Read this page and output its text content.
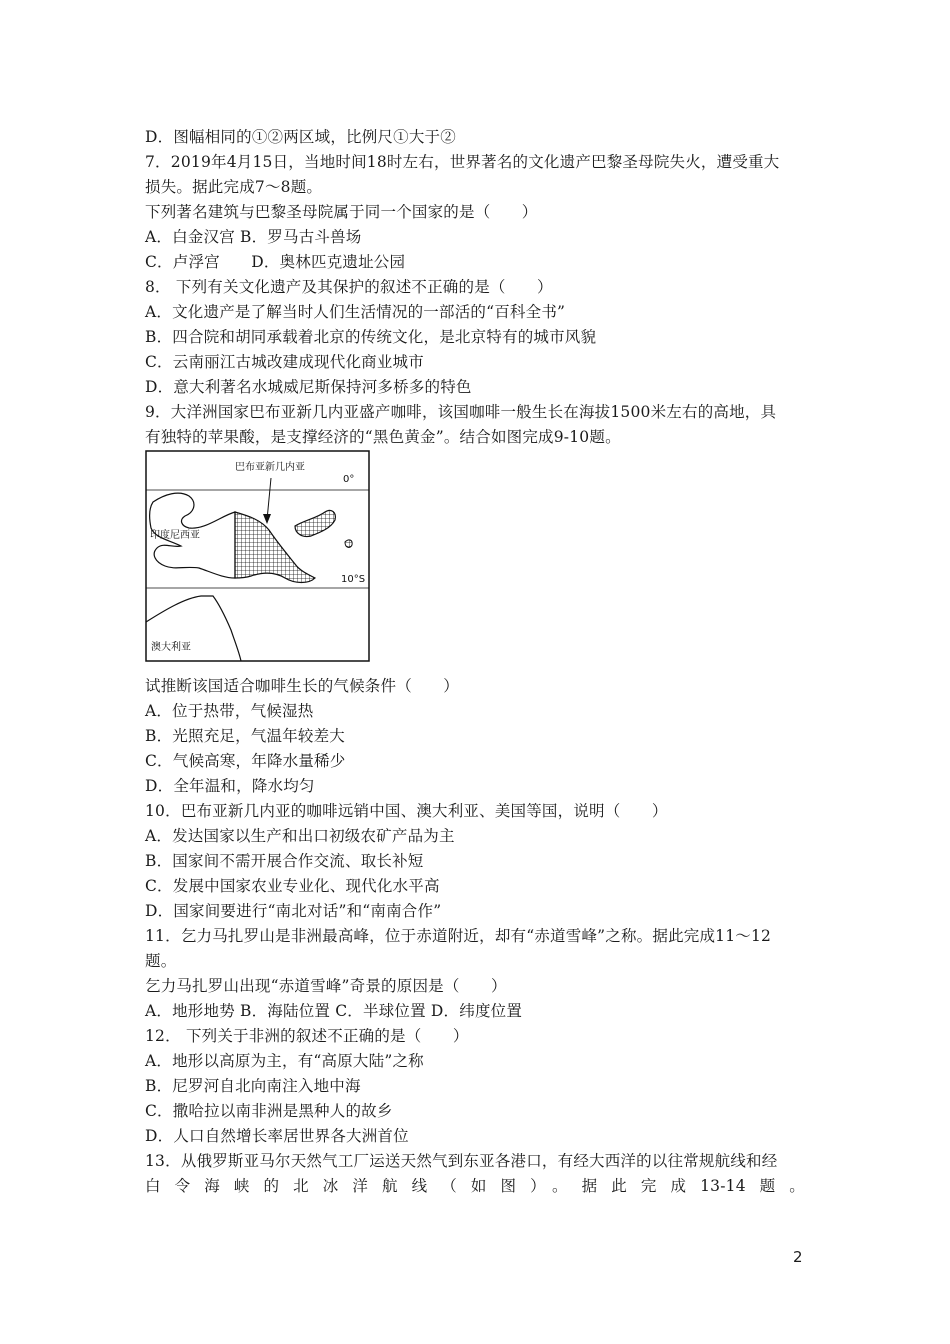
D．图幅相同的①②两区域，比例尺①大于②
7．2019年4月15日，当地时间18时左右，世界著名的文化遗产巴黎圣母院失火，遭受重大
损失。据此完成7～8题。
下列著名建筑与巴黎圣母院属于同一个国家的是（　　）
A．白金汉宫 B．罗马古斗兽场
C．卢浮宫　　D．奥林匹克遗址公园
8． 下列有关文化遗产及其保护的叙述不正确的是（　　）
A．文化遗产是了解当时人们生活情况的一部活的“百科全书”
B．四合院和胡同承载着北京的传统文化，是北京特有的城市风貌
C．云南丽江古城改建成现代化商业城市
D．意大利著名水城威尼斯保持河多桥多的特色
9．大洋洲国家巴布亚新几内亚盛产咖啡，该国咖啡一般生长在海拔1500米左右的高地，具
有独特的苹果酸，是支撑经济的“黑色黄金”。结合如图完成9-10题。
巴布亚新几内亚
0°
印度尼西亚
10°S
澳大利亚
试推断该国适合咖啡生长的气候条件（　　）
A．位于热带，气候湿热
B．光照充足，气温年较差大
C．气候高寒，年降水量稀少
D．全年温和，降水均匀
10．巴布亚新几内亚的咖啡远销中国、澳大利亚、美国等国，说明（　　）
A．发达国家以生产和出口初级农矿产品为主
B．国家间不需开展合作交流、取长补短
C．发展中国家农业专业化、现代化水平高
D．国家间要进行“南北对话”和“南南合作”
11．乞力马扎罗山是非洲最高峰，位于赤道附近，却有“赤道雪峰”之称。据此完成11～12
题。
乞力马扎罗山出现“赤道雪峰”奇景的原因是（　　）
A．地形地势 B．海陆位置 C．半球位置 D．纬度位置
12． 下列关于非洲的叙述不正确的是（　　）
A．地形以高原为主，有“高原大陆”之称
B．尼罗河自北向南注入地中海
C．撒哈拉以南非洲是黑种人的故乡
D．人口自然增长率居世界各大洲首位
13．从俄罗斯亚马尔天然气工厂运送天然气到东亚各港口，有经大西洋的以往常规航线和经
白令海峡的北冰洋航线（如图）。据此完成13-14题。
2
